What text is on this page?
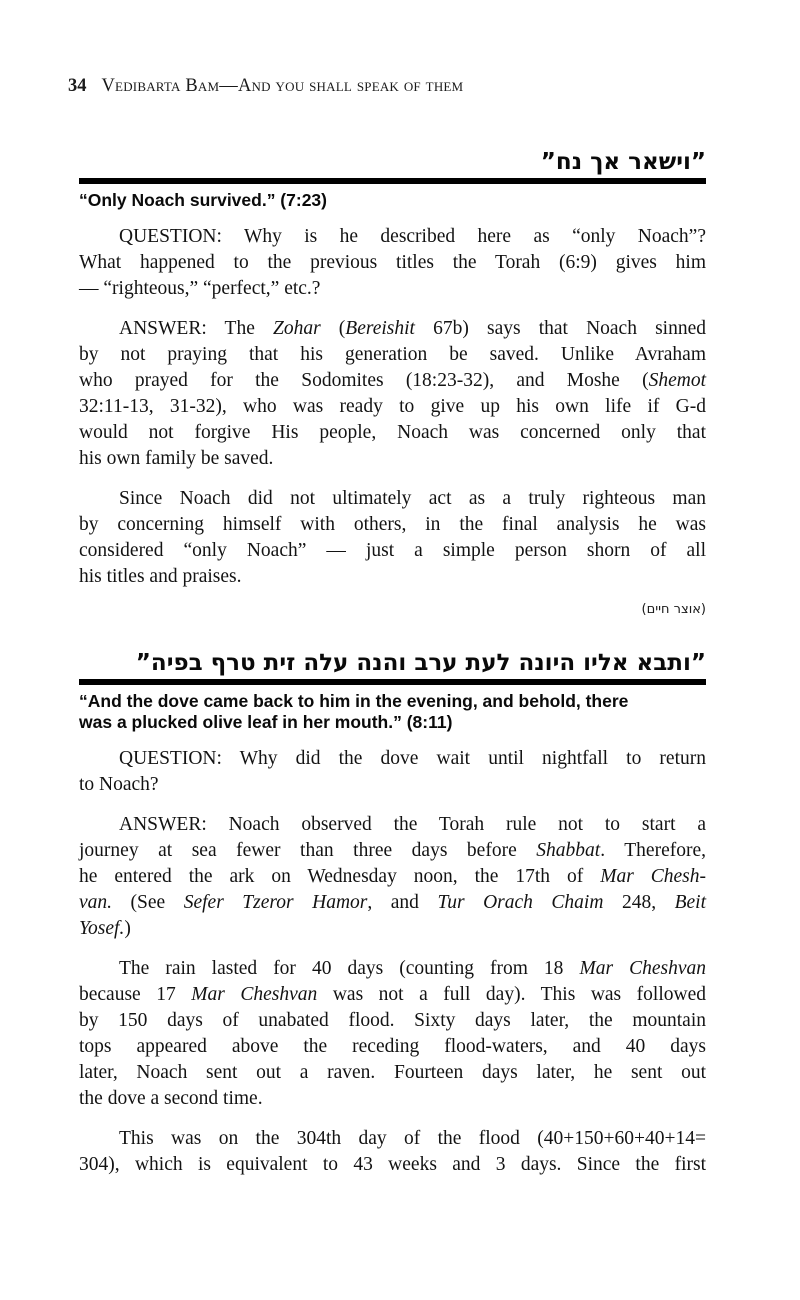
34 Vedibarta Bam—And you shall speak of them
”וישאר אך נח”
“Only Noach survived.” (7:23)
QUESTION: Why is he described here as “only Noach”?
What happened to the previous titles the Torah (6:9) gives him
— “righteous,” “perfect,” etc.?
ANSWER: The Zohar (Bereishit 67b) says that Noach sinned
by not praying that his generation be saved. Unlike Avraham
who prayed for the Sodomites (18:23-32), and Moshe (Shemot
32:11-13, 31-32), who was ready to give up his own life if G-d
would not forgive His people, Noach was concerned only that
his own family be saved.
Since Noach did not ultimately act as a truly righteous man
by concerning himself with others, in the final analysis he was
considered “only Noach” — just a simple person shorn of all
his titles and praises.
(אוצר חיים)
”ותבא אליו היונה לעת ערב והנה עלה זית טרף בפיה”
“And the dove came back to him in the evening, and behold, there
was a plucked olive leaf in her mouth.” (8:11)
QUESTION: Why did the dove wait until nightfall to return
to Noach?
ANSWER: Noach observed the Torah rule not to start a
journey at sea fewer than three days before Shabbat. Therefore,
he entered the ark on Wednesday noon, the 17th of Mar Chesh-
van. (See Sefer Tzeror Hamor, and Tur Orach Chaim 248, Beit
Yosef.)
The rain lasted for 40 days (counting from 18 Mar Cheshvan
because 17 Mar Cheshvan was not a full day). This was followed
by 150 days of unabated flood. Sixty days later, the mountain
tops appeared above the receding flood-waters, and 40 days
later, Noach sent out a raven. Fourteen days later, he sent out
the dove a second time.
This was on the 304th day of the flood (40+150+60+40+14=
304), which is equivalent to 43 weeks and 3 days. Since the first
